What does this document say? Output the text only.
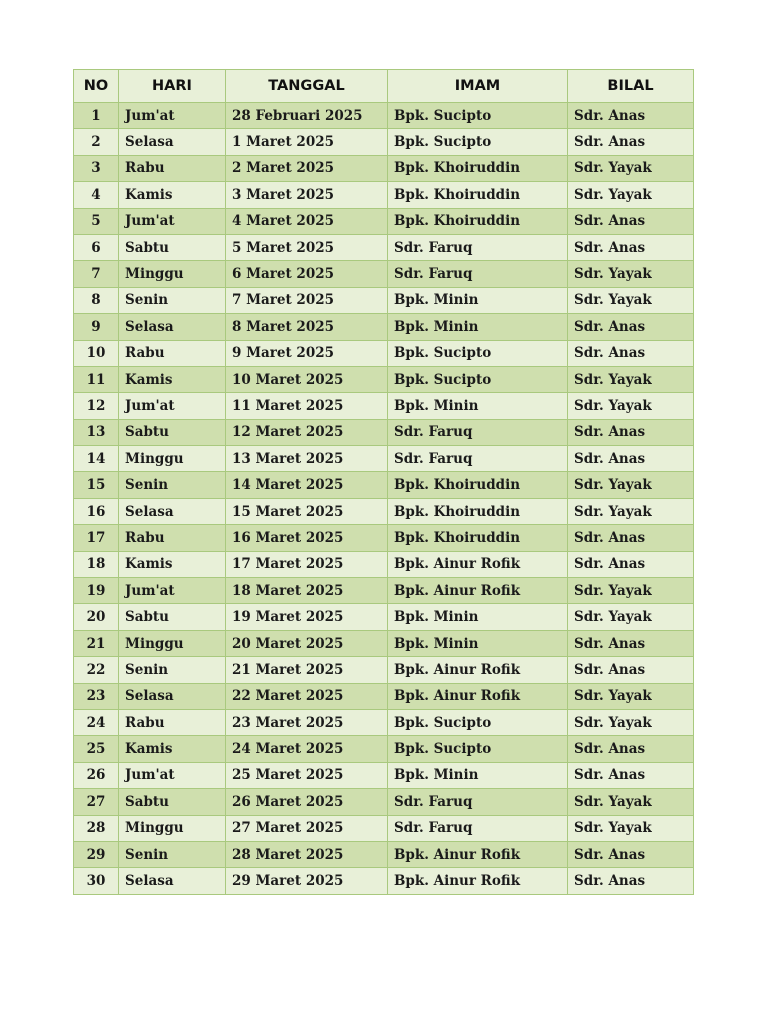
NO	HARI	TANGGAL	IMAM	BILAL
1	Jum'at	28 Februari 2025	Bpk. Sucipto	Sdr. Anas
2	Selasa	1 Maret 2025	Bpk. Sucipto	Sdr. Anas
3	Rabu	2 Maret 2025	Bpk. Khoiruddin	Sdr. Yayak
4	Kamis	3 Maret 2025	Bpk. Khoiruddin	Sdr. Yayak
5	Jum'at	4 Maret 2025	Bpk. Khoiruddin	Sdr. Anas
6	Sabtu	5 Maret 2025	Sdr. Faruq	Sdr. Anas
7	Minggu	6 Maret 2025	Sdr. Faruq	Sdr. Yayak
8	Senin	7 Maret 2025	Bpk. Minin	Sdr. Yayak
9	Selasa	8 Maret 2025	Bpk. Minin	Sdr. Anas
10	Rabu	9 Maret 2025	Bpk. Sucipto	Sdr. Anas
11	Kamis	10 Maret 2025	Bpk. Sucipto	Sdr. Yayak
12	Jum'at	11 Maret 2025	Bpk. Minin	Sdr. Yayak
13	Sabtu	12 Maret 2025	Sdr. Faruq	Sdr. Anas
14	Minggu	13 Maret 2025	Sdr. Faruq	Sdr. Anas
15	Senin	14 Maret 2025	Bpk. Khoiruddin	Sdr. Yayak
16	Selasa	15 Maret 2025	Bpk. Khoiruddin	Sdr. Yayak
17	Rabu	16 Maret 2025	Bpk. Khoiruddin	Sdr. Anas
18	Kamis	17 Maret 2025	Bpk. Ainur Rofik	Sdr. Anas
19	Jum'at	18 Maret 2025	Bpk. Ainur Rofik	Sdr. Yayak
20	Sabtu	19 Maret 2025	Bpk. Minin	Sdr. Yayak
21	Minggu	20 Maret 2025	Bpk. Minin	Sdr. Anas
22	Senin	21 Maret 2025	Bpk. Ainur Rofik	Sdr. Anas
23	Selasa	22 Maret 2025	Bpk. Ainur Rofik	Sdr. Yayak
24	Rabu	23 Maret 2025	Bpk. Sucipto	Sdr. Yayak
25	Kamis	24 Maret 2025	Bpk. Sucipto	Sdr. Anas
26	Jum'at	25 Maret 2025	Bpk. Minin	Sdr. Anas
27	Sabtu	26 Maret 2025	Sdr. Faruq	Sdr. Yayak
28	Minggu	27 Maret 2025	Sdr. Faruq	Sdr. Yayak
29	Senin	28 Maret 2025	Bpk. Ainur Rofik	Sdr. Anas
30	Selasa	29 Maret 2025	Bpk. Ainur Rofik	Sdr. Anas
